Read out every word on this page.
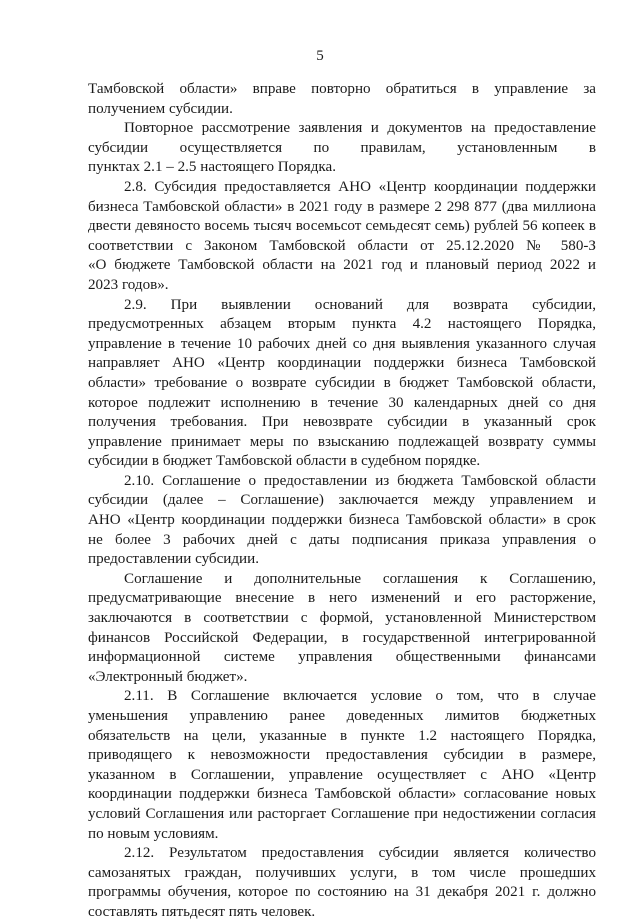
5
Тамбовской области» вправе повторно обратиться в управление за
получением субсидии.
Повторное рассмотрение заявления и документов на предоставление
субсидии осуществляется по правилам, установленным в
пунктах 2.1 – 2.5 настоящего Порядка.
2.8. Субсидия предоставляется АНО «Центр координации поддержки
бизнеса Тамбовской области» в 2021 году в размере 2 298 877 (два миллиона
двести девяносто восемь тысяч восемьсот семьдесят семь) рублей 56 копеек в
соответствии с Законом Тамбовской области от 25.12.2020 № 580-З
«О бюджете Тамбовской области на 2021 год и плановый период 2022 и
2023 годов».
2.9. При выявлении оснований для возврата субсидии,
предусмотренных абзацем вторым пункта 4.2 настоящего Порядка,
управление в течение 10 рабочих дней со дня выявления указанного случая
направляет АНО «Центр координации поддержки бизнеса Тамбовской
области» требование о возврате субсидии в бюджет Тамбовской области,
которое подлежит исполнению в течение 30 календарных дней со дня
получения требования. При невозврате субсидии в указанный срок
управление принимает меры по взысканию подлежащей возврату суммы
субсидии в бюджет Тамбовской области в судебном порядке.
2.10. Соглашение о предоставлении из бюджета Тамбовской области
субсидии (далее – Соглашение) заключается между управлением и
АНО «Центр координации поддержки бизнеса Тамбовской области» в срок
не более 3 рабочих дней с даты подписания приказа управления о
предоставлении субсидии.
Соглашение и дополнительные соглашения к Соглашению,
предусматривающие внесение в него изменений и его расторжение,
заключаются в соответствии с формой, установленной Министерством
финансов Российской Федерации, в государственной интегрированной
информационной системе управления общественными финансами
«Электронный бюджет».
2.11. В Соглашение включается условие о том, что в случае
уменьшения управлению ранее доведенных лимитов бюджетных
обязательств на цели, указанные в пункте 1.2 настоящего Порядка,
приводящего к невозможности предоставления субсидии в размере,
указанном в Соглашении, управление осуществляет с АНО «Центр
координации поддержки бизнеса Тамбовской области» согласование новых
условий Соглашения или расторгает Соглашение при недостижении согласия
по новым условиям.
2.12. Результатом предоставления субсидии является количество
самозанятых граждан, получивших услуги, в том числе прошедших
программы обучения, которое по состоянию на 31 декабря 2021 г. должно
составлять пятьдесят пять человек.
